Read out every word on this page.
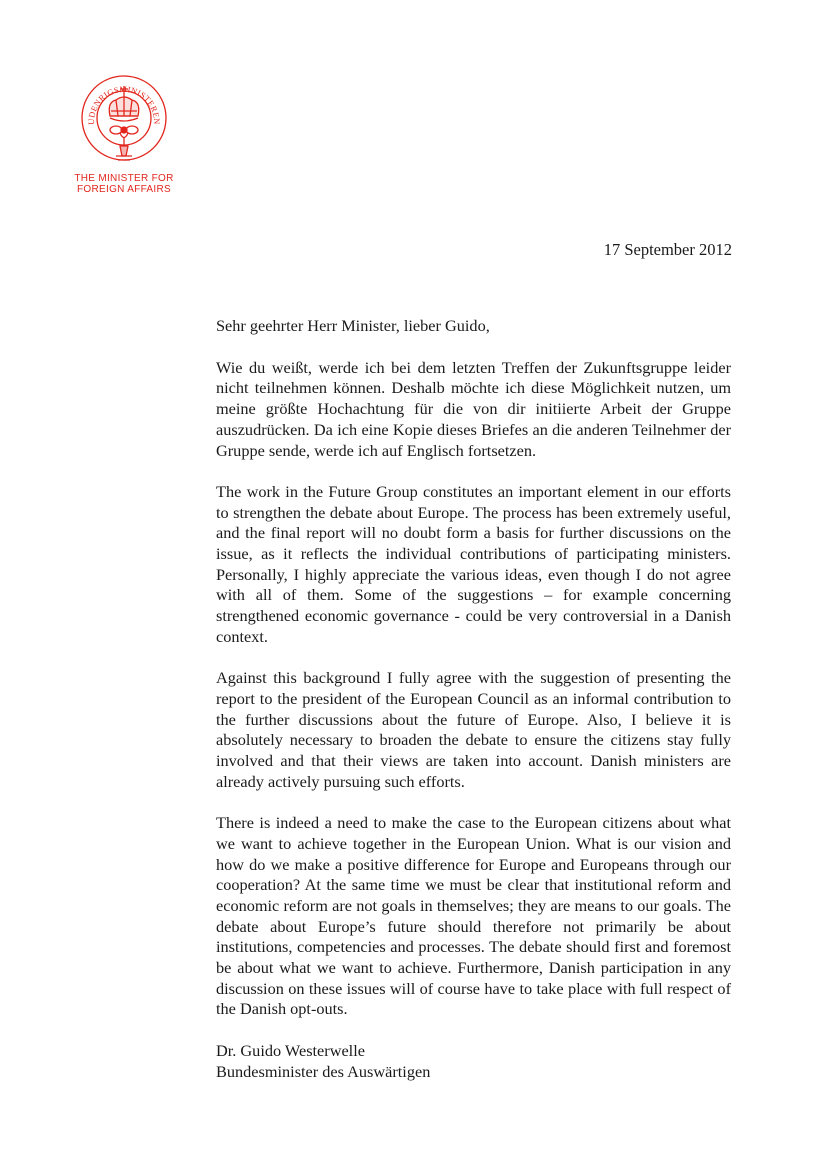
UDENRIGSMINISTEREN
THE MINISTER FOR
FOREIGN AFFAIRS
17 September 2012

Sehr geehrter Herr Minister, lieber Guido,

Wie du weißt, werde ich bei dem letzten Treffen der Zukunftsgruppe leider nicht teilnehmen können. Deshalb möchte ich diese Möglichkeit nutzen, um meine größte Hochachtung für die von dir initiierte Arbeit der Gruppe auszudrücken. Da ich eine Kopie dieses Briefes an die anderen Teilnehmer der Gruppe sende, werde ich auf Englisch fortsetzen.

The work in the Future Group constitutes an important element in our efforts to strengthen the debate about Europe. The process has been extremely useful, and the final report will no doubt form a basis for further discussions on the issue, as it reflects the individual contributions of participating ministers. Personally, I highly appreciate the various ideas, even though I do not agree with all of them. Some of the suggestions – for example concerning strengthened economic governance - could be very controversial in a Danish context.

Against this background I fully agree with the suggestion of presenting the report to the president of the European Council as an informal contribution to the further discussions about the future of Europe. Also, I believe it is absolutely necessary to broaden the debate to ensure the citizens stay fully involved and that their views are taken into account. Danish ministers are already actively pursuing such efforts.

There is indeed a need to make the case to the European citizens about what we want to achieve together in the European Union. What is our vision and how do we make a positive difference for Europe and Europeans through our cooperation? At the same time we must be clear that institutional reform and economic reform are not goals in themselves; they are means to our goals. The debate about Europe’s future should therefore not primarily be about institutions, competencies and processes. The debate should first and foremost be about what we want to achieve. Furthermore, Danish participation in any discussion on these issues will of course have to take place with full respect of the Danish opt-outs.

Dr. Guido Westerwelle
Bundesminister des Auswärtigen
